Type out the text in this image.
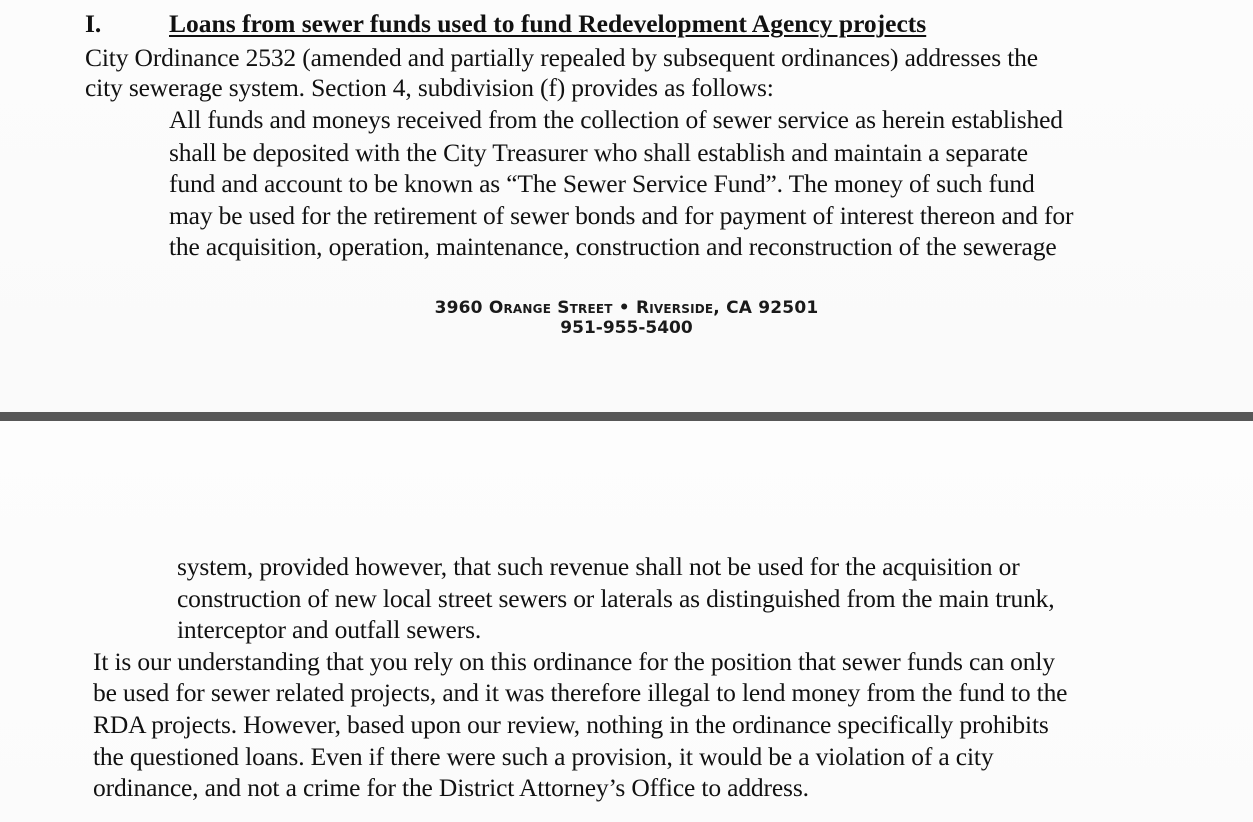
I.	Loans from sewer funds used to fund Redevelopment Agency projects
City Ordinance 2532 (amended and partially repealed by subsequent ordinances) addresses the
city sewerage system. Section 4, subdivision (f) provides as follows:
All funds and moneys received from the collection of sewer service as herein established
shall be deposited with the City Treasurer who shall establish and maintain a separate
fund and account to be known as “The Sewer Service Fund”. The money of such fund
may be used for the retirement of sewer bonds and for payment of interest thereon and for
the acquisition, operation, maintenance, construction and reconstruction of the sewerage
3960 Orange Street • Riverside, CA 92501
951-955-5400
system, provided however, that such revenue shall not be used for the acquisition or
construction of new local street sewers or laterals as distinguished from the main trunk,
interceptor and outfall sewers.
It is our understanding that you rely on this ordinance for the position that sewer funds can only
be used for sewer related projects, and it was therefore illegal to lend money from the fund to the
RDA projects. However, based upon our review, nothing in the ordinance specifically prohibits
the questioned loans. Even if there were such a provision, it would be a violation of a city
ordinance, and not a crime for the District Attorney’s Office to address.
